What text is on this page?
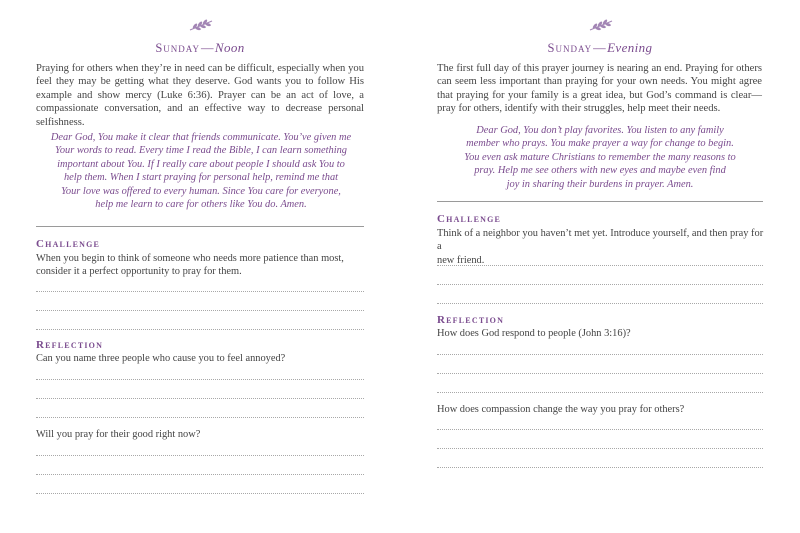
Sunday—Noon

Praying for others when they’re in need can be difficult, especially when you feel they may be getting what they deserve. God wants you to follow His example and show mercy (Luke 6:36). Prayer can be an act of love, a compassionate conversation, and an effective way to decrease personal selfishness.

Dear God, You make it clear that friends communicate. You’ve given me
Your words to read. Every time I read the Bible, I can learn something
important about You. If I really care about people I should ask You to
help them. When I start praying for personal help, remind me that
Your love was offered to every human. Since You care for everyone,
help me learn to care for others like You do. Amen.
Challenge
When you begin to think of someone who needs more patience than most,
consider it a perfect opportunity to pray for them.
Reflection
Can you name three people who cause you to feel annoyed?
Will you pray for their good right now?
Sunday—Evening

The first full day of this prayer journey is nearing an end. Praying for others can seem less important than praying for your own needs. You might agree that praying for your family is a great idea, but God’s command is clear—pray for others, identify with their struggles, help meet their needs.

Dear God, You don’t play favorites. You listen to any family
member who prays. You make prayer a way for change to begin.
You even ask mature Christians to remember the many reasons to
pray. Help me see others with new eyes and maybe even find
joy in sharing their burdens in prayer. Amen.
Challenge
Think of a neighbor you haven’t met yet. Introduce yourself, and then pray for a
new friend.
Reflection
How does God respond to people (John 3:16)?
How does compassion change the way you pray for others?
